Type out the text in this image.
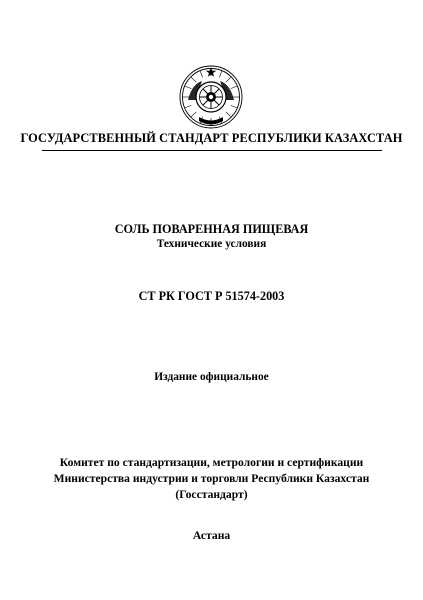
ГОСУДАРСТВЕННЫЙ СТАНДАРТ РЕСПУБЛИКИ КАЗАХСТАН
СОЛЬ ПОВАРЕННАЯ ПИЩЕВАЯ
Технические условия
СТ РК ГОСТ Р 51574-2003
Издание официальное
Комитет по стандартизации, метрологии и сертификации
Министерства индустрии и торговли Республики Казахстан
(Госстандарт)
Астана
